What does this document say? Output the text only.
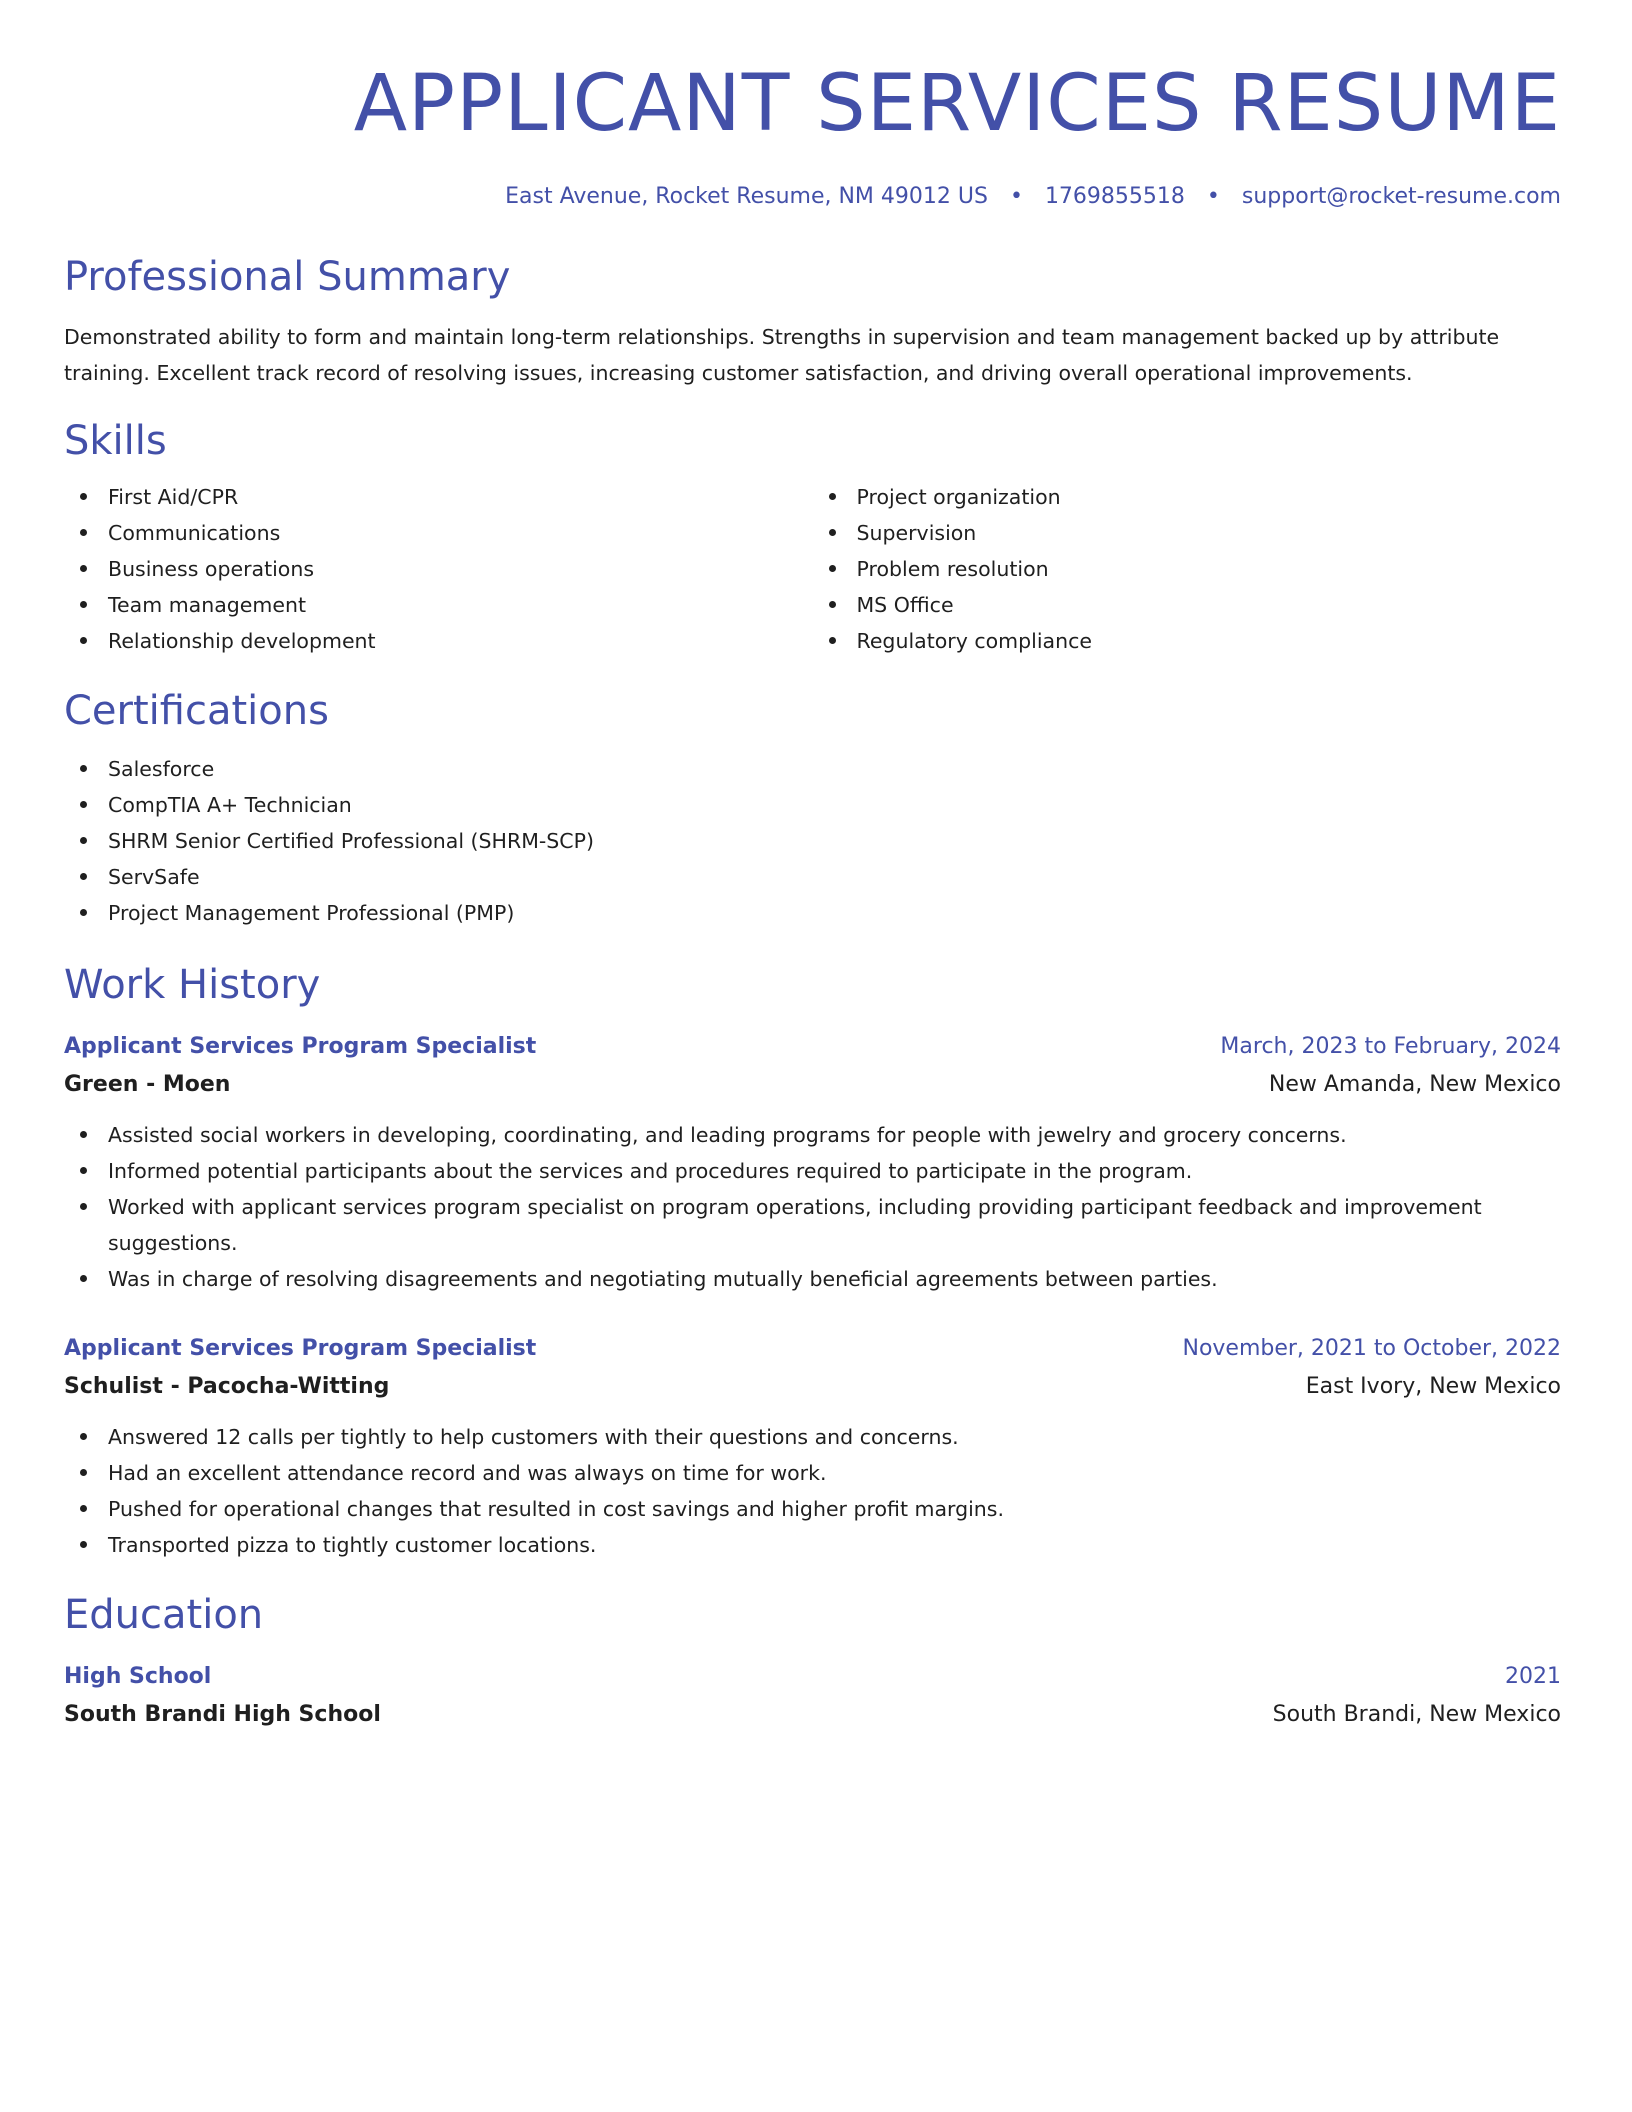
APPLICANT SERVICES RESUME
East Avenue, Rocket Resume, NM 49012 US • 1769855518 • support@rocket-resume.com
Professional Summary

Demonstrated ability to form and maintain long-term relationships. Strengths in supervision and team management backed up by attribute training. Excellent track record of resolving issues, increasing customer satisfaction, and driving overall operational improvements.

Skills
First Aid/CPR
Communications
Business operations
Team management
Relationship development
Project organization
Supervision
Problem resolution
MS Office
Regulatory compliance
Certifications
Salesforce
CompTIA A+ Technician
SHRM Senior Certified Professional (SHRM-SCP)
ServSafe
Project Management Professional (PMP)
Work History
Applicant Services Program Specialist	March, 2023 to February, 2024
Green - Moen	New Amanda, New Mexico
Assisted social workers in developing, coordinating, and leading programs for people with jewelry and grocery concerns.
Informed potential participants about the services and procedures required to participate in the program.
Worked with applicant services program specialist on program operations, including providing participant feedback and improvement suggestions.
Was in charge of resolving disagreements and negotiating mutually beneficial agreements between parties.
Applicant Services Program Specialist	November, 2021 to October, 2022
Schulist - Pacocha-Witting	East Ivory, New Mexico
Answered 12 calls per tightly to help customers with their questions and concerns.
Had an excellent attendance record and was always on time for work.
Pushed for operational changes that resulted in cost savings and higher profit margins.
Transported pizza to tightly customer locations.
Education
High School	2021
South Brandi High School	South Brandi, New Mexico
